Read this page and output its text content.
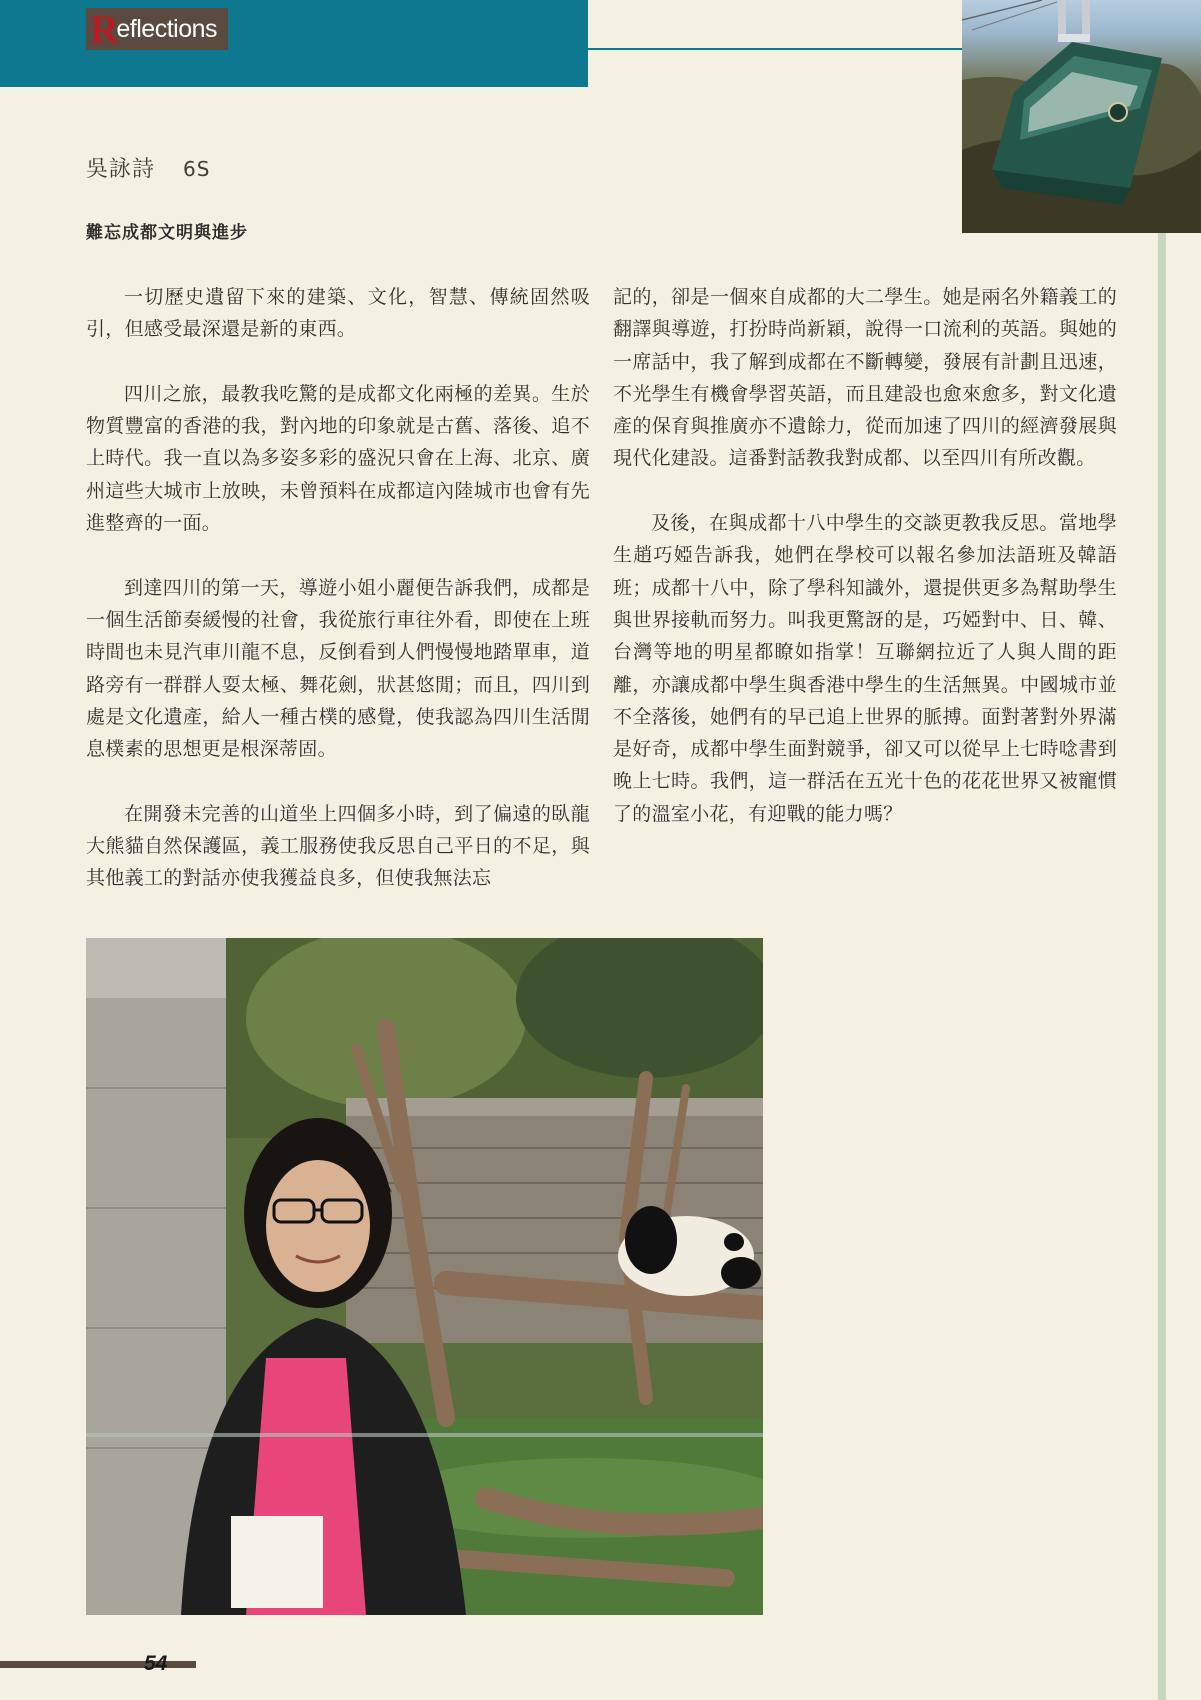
Reflections
吳詠詩 6S
難忘成都文明與進步

一切歷史遺留下來的建築、文化，智慧、傳統固然吸引，但感受最深還是新的東西。

四川之旅，最教我吃驚的是成都文化兩極的差異。生於物質豐富的香港的我，對內地的印象就是古舊、落後、追不上時代。我一直以為多姿多彩的盛況只會在上海、北京、廣州這些大城市上放映，未曾預料在成都這內陸城市也會有先進整齊的一面。

到達四川的第一天，導遊小姐小麗便告訴我們，成都是一個生活節奏緩慢的社會，我從旅行車往外看，即使在上班時間也未見汽車川龍不息，反倒看到人們慢慢地踏單車，道路旁有一群群人耍太極、舞花劍，狀甚悠閒；而且，四川到處是文化遺產，給人一種古樸的感覺，使我認為四川生活閒息樸素的思想更是根深蒂固。

在開發未完善的山道坐上四個多小時，到了偏遠的臥龍大熊貓自然保護區，義工服務使我反思自己平日的不足，與其他義工的對話亦使我獲益良多，但使我無法忘

記的，卻是一個來自成都的大二學生。她是兩名外籍義工的翻譯與導遊，打扮時尚新穎，說得一口流利的英語。與她的一席話中，我了解到成都在不斷轉變，發展有計劃且迅速，不光學生有機會學習英語，而且建設也愈來愈多，對文化遺產的保育與推廣亦不遺餘力，從而加速了四川的經濟發展與現代化建設。這番對話教我對成都、以至四川有所改觀。

及後，在與成都十八中學生的交談更教我反思。當地學生趙巧婭告訴我，她們在學校可以報名參加法語班及韓語班；成都十八中，除了學科知識外，還提供更多為幫助學生與世界接軌而努力。叫我更驚訝的是，巧婭對中、日、韓、台灣等地的明星都瞭如指掌！互聯網拉近了人與人間的距離，亦讓成都中學生與香港中學生的生活無異。中國城市並不全落後，她們有的早已追上世界的脈搏。面對著對外界滿是好奇，成都中學生面對競爭，卻又可以從早上七時唸書到晚上七時。我們，這一群活在五光十色的花花世界又被寵慣了的溫室小花，有迎戰的能力嗎？

54
